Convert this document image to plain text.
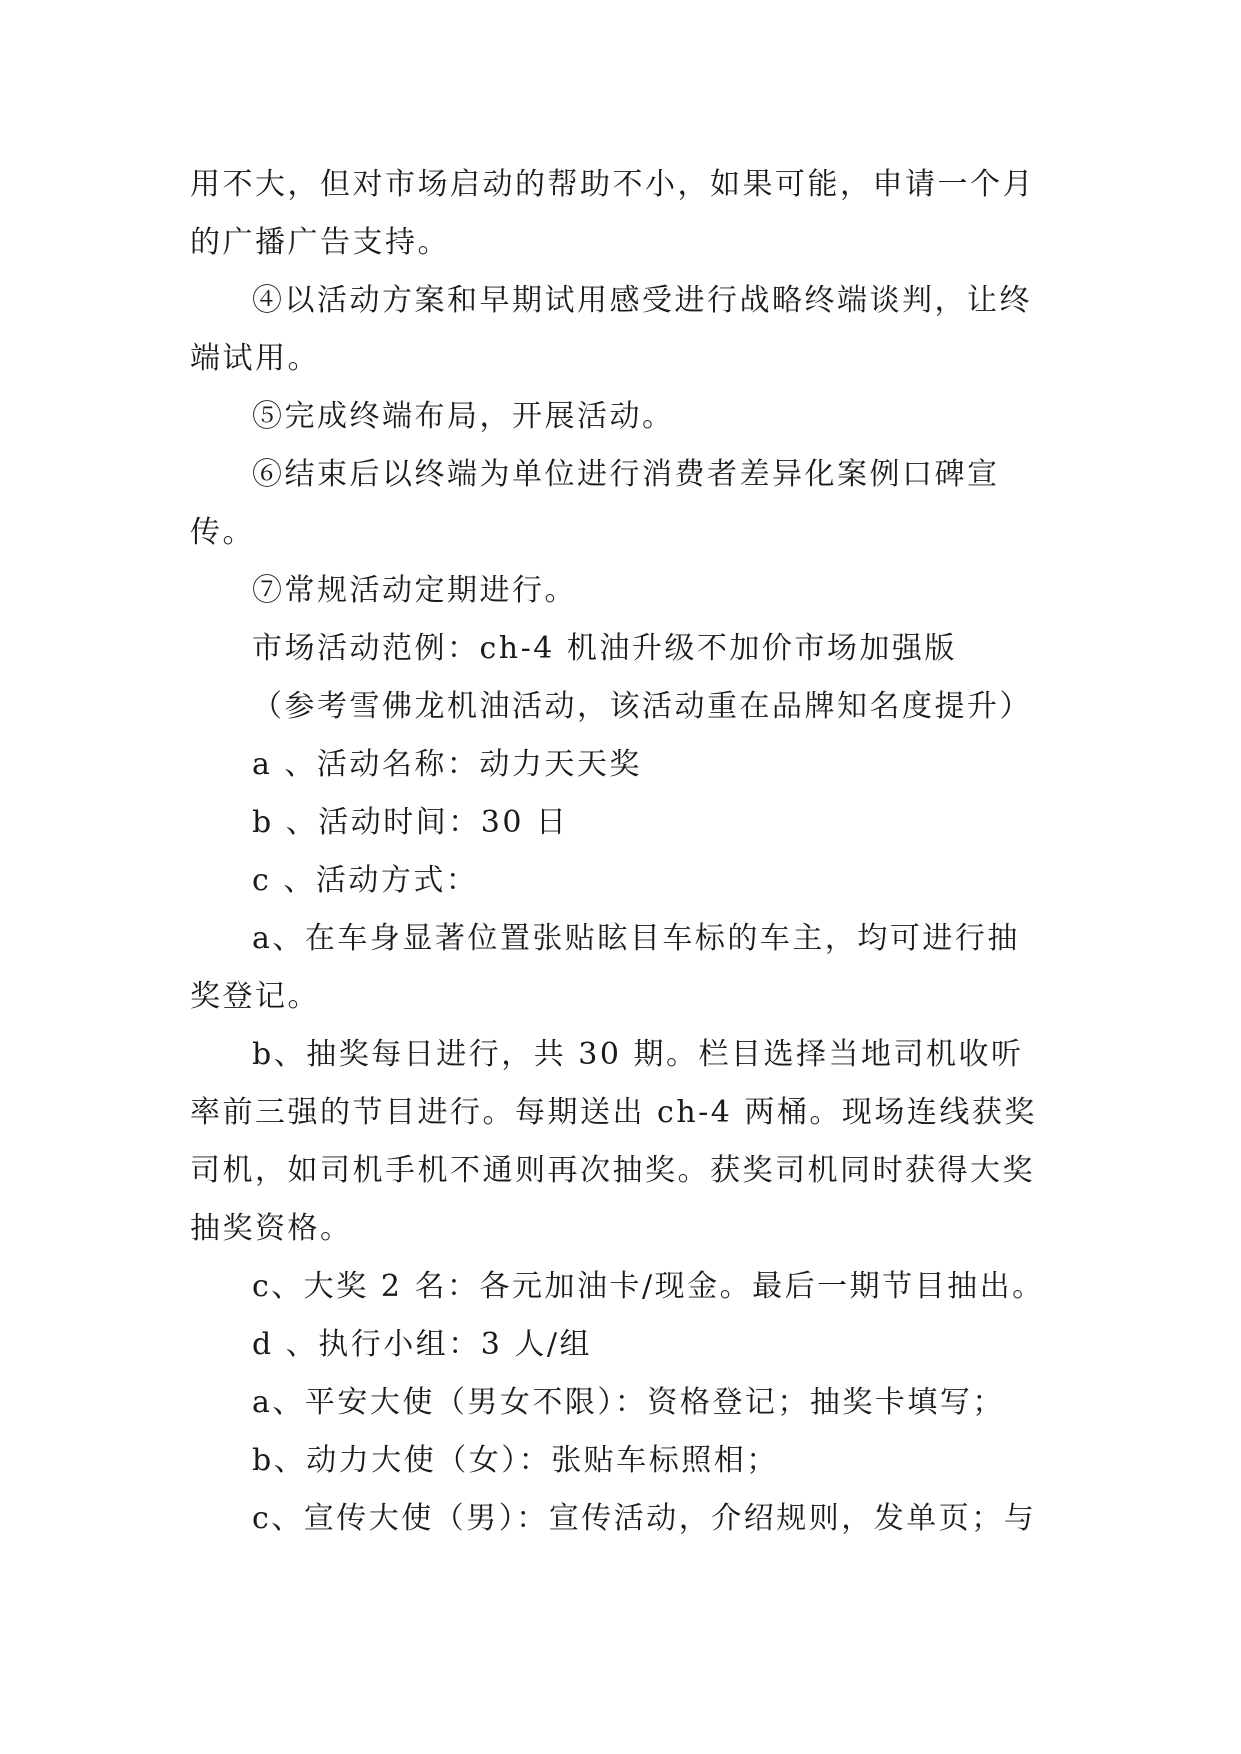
用不大，但对市场启动的帮助不小，如果可能，申请一个月的广播广告支持。

④以活动方案和早期试用感受进行战略终端谈判，让终端试用。

⑤完成终端布局，开展活动。

⑥结束后以终端为单位进行消费者差异化案例口碑宣传。

⑦常规活动定期进行。

市场活动范例：ch-4 机油升级不加价市场加强版

（参考雪佛龙机油活动，该活动重在品牌知名度提升）

a 、活动名称：动力天天奖

b 、活动时间：30 日

c 、活动方式：

a、在车身显著位置张贴眩目车标的车主，均可进行抽奖登记。

b、抽奖每日进行，共 30 期。栏目选择当地司机收听率前三强的节目进行。每期送出 ch-4 两桶。现场连线获奖司机，如司机手机不通则再次抽奖。获奖司机同时获得大奖抽奖资格。

c、大奖 2 名：各元加油卡/现金。最后一期节目抽出。

d 、执行小组：3 人/组

a、平安大使（男女不限）：资格登记；抽奖卡填写；

b、动力大使（女）：张贴车标照相；

c、宣传大使（男）：宣传活动，介绍规则，发单页；与
